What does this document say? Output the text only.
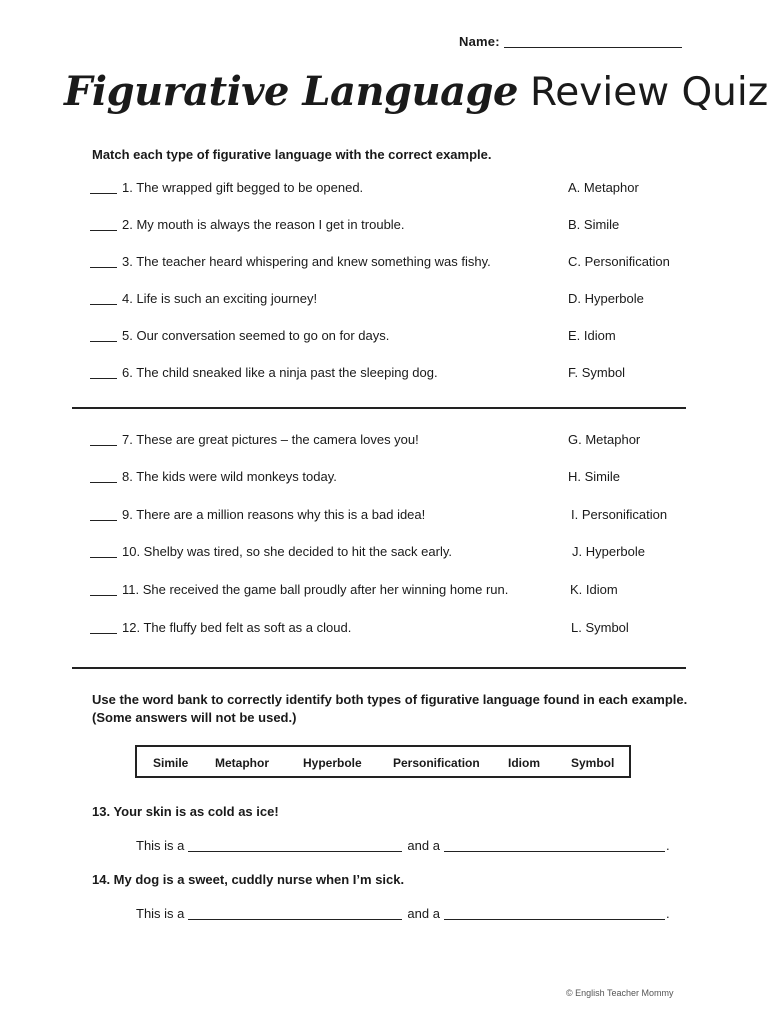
Name:
Figurative Language Review Quiz
Match each type of figurative language with the correct example.
1. The wrapped gift begged to be opened.
2. My mouth is always the reason I get in trouble.
3. The teacher heard whispering and knew something was fishy.
4. Life is such an exciting journey!
5. Our conversation seemed to go on for days.
6. The child sneaked like a ninja past the sleeping dog.
A. Metaphor
B. Simile
C. Personification
D. Hyperbole
E. Idiom
F. Symbol
7. These are great pictures – the camera loves you!
8. The kids were wild monkeys today.
9. There are a million reasons why this is a bad idea!
10. Shelby was tired, so she decided to hit the sack early.
11. She received the game ball proudly after her winning home run.
12. The fluffy bed felt as soft as a cloud.
G. Metaphor
H. Simile
I. Personification
J. Hyperbole
K. Idiom
L. Symbol
Use the word bank to correctly identify both types of figurative language found in each example. (Some answers will not be used.)
Simile Metaphor	Hyperbole	Personification Idiom	Symbol
13. Your skin is as cold as ice!
This is a	and a	.
14. My dog is a sweet, cuddly nurse when I’m sick.
This is a	and a	.
© English Teacher Mommy
